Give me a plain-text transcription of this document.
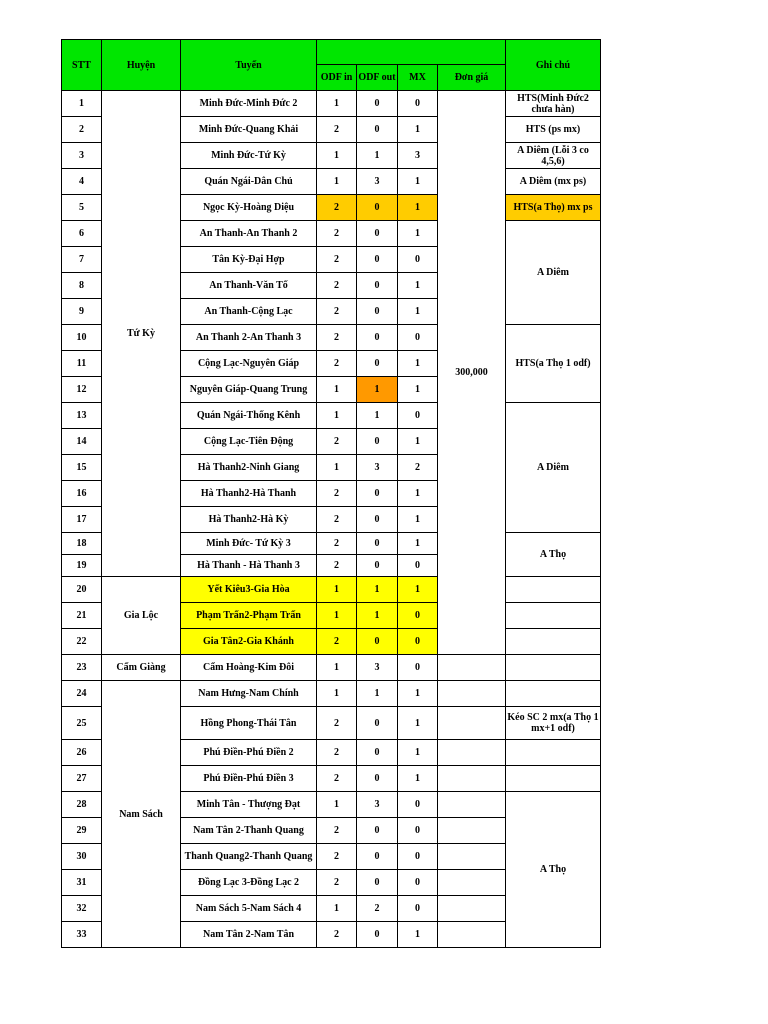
STT	Huyện	Tuyến					Ghi chú
			ODF in	ODF out	MX	Đơn giá	
1	Tứ Kỳ	Minh Đức-Minh Đức 2	1	0	0	300,000	HTS(Minh Đức2 chưa hàn)
2		Minh Đức-Quang Khải	2	0	1		HTS (ps mx)
3		Minh Đức-Tứ Kỳ	1	1	3		A Diêm (Lỗi 3 co 4,5,6)
4		Quán Ngái-Dân Chủ	1	3	1		A Diêm (mx ps)
5		Ngọc Kỳ-Hoàng Diệu	2	0	1		HTS(a Thọ) mx ps
6		An Thanh-An Thanh 2	2	0	1		A Diêm
7		Tân Kỳ-Đại Hợp	2	0	0		
8		An Thanh-Văn Tố	2	0	1		
9		An Thanh-Cộng Lạc	2	0	1		
10		An Thanh 2-An Thanh 3	2	0	0		HTS(a Thọ 1 odf)
11		Cộng Lạc-Nguyên Giáp	2	0	1		
12		Nguyên Giáp-Quang Trung	1	1	1		
13		Quán Ngái-Thống Kênh	1	1	0		A Diêm
14		Cộng Lạc-Tiên Động	2	0	1		
15		Hà Thanh2-Ninh Giang	1	3	2		
16		Hà Thanh2-Hà Thanh	2	0	1		
17		Hà Thanh2-Hà Kỳ	2	0	1		
18		Minh Đức- Tứ Kỳ 3	2	0	1		A Thọ
19		Hà Thanh - Hà Thanh 3	2	0	0		
20	Gia Lộc	Yết Kiêu3-Gia Hòa	1	1	1		
21		Phạm Trấn2-Phạm Trấn	1	1	0		
22		Gia Tân2-Gia Khánh	2	0	0		
23	Cẩm Giàng	Cẩm Hoàng-Kim Đôi	1	3	0		
24	Nam Sách	Nam Hưng-Nam Chính	1	1	1		
25		Hồng Phong-Thái Tân	2	0	1		Kéo SC 2 mx(a Thọ 1 mx+1 odf)
26		Phú Điền-Phú Điền 2	2	0	1		
27		Phú Điền-Phú Điền 3	2	0	1		
28		Minh Tân - Thượng Đạt	1	3	0		A Thọ
29		Nam Tân 2-Thanh Quang	2	0	0		
30		Thanh Quang2-Thanh Quang	2	0	0		
31		Đồng Lạc 3-Đồng Lạc 2	2	0	0		
32		Nam Sách 5-Nam Sách 4	1	2	0		
33		Nam Tân 2-Nam Tân	2	0	1		
